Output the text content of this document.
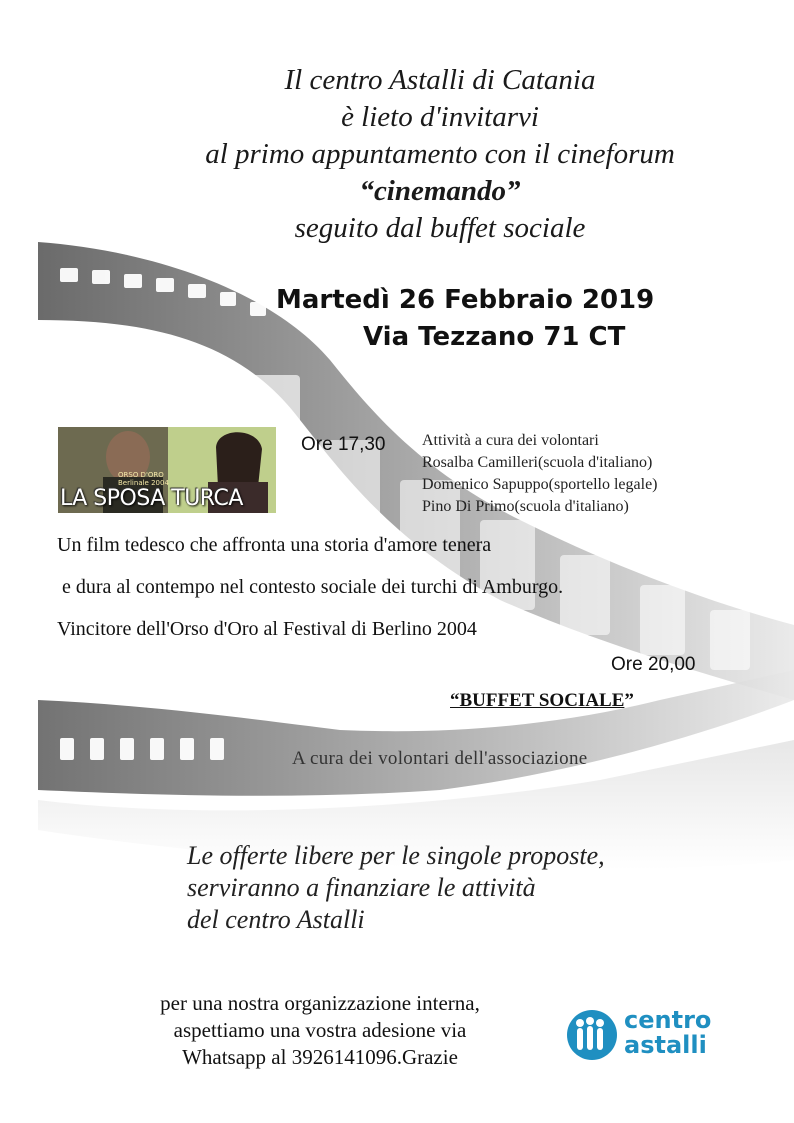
Il centro Astalli di Catania
è lieto d'invitarvi
al primo appuntamento con il cineforum
“cinemando”
seguito dal buffet sociale
Martedì 26 Febbraio 2019
Via Tezzano 71 CT
ORSO D'ORO
Berlinale 2004
LA SPOSA TURCA
Ore 17,30 Attività a cura dei volontari
Rosalba Camilleri(scuola d'italiano)
Domenico Sapuppo(sportello legale)
Pino Di Primo(scuola d'italiano)
Un film tedesco che affronta una storia d'amore tenera
e dura al contempo nel contesto sociale dei turchi di Amburgo.
Vincitore dell'Orso d'Oro al Festival di Berlino 2004
Ore 20,00
“BUFFET SOCIALE”
A cura dei volontari dell'associazione
Le offerte libere per le singole proposte,
serviranno a finanziare le attività
del centro Astalli
per una nostra organizzazione interna,
aspettiamo una vostra adesione via
Whatsapp al 3926141096.Grazie
centro
astalli
